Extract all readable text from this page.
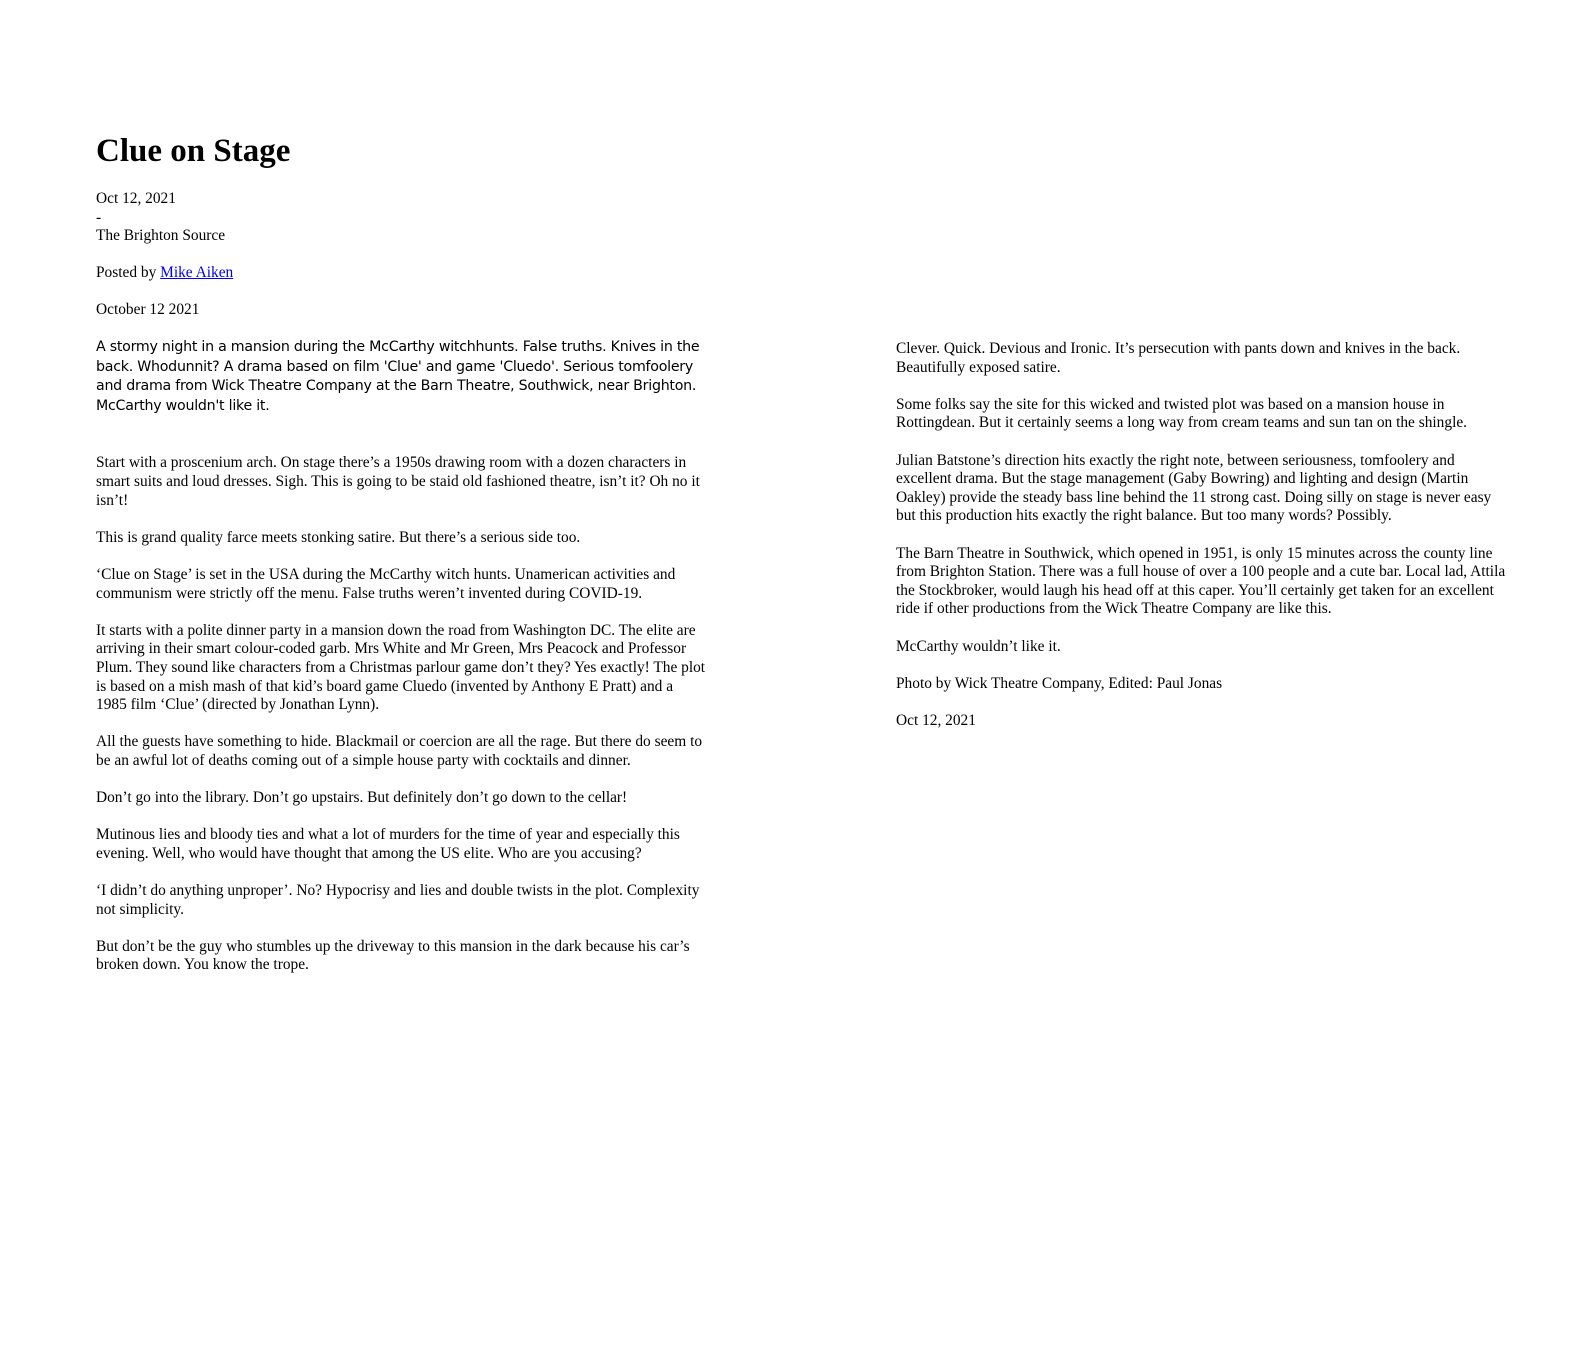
Clue on Stage
Oct 12, 2021
-
The Brighton Source

Posted by Mike Aiken

October 12 2021

A stormy night in a mansion during the McCarthy witchhunts. False truths. Knives in the back. Whodunnit? A drama based on film 'Clue' and game 'Cluedo'. Serious tomfoolery and drama from Wick Theatre Company at the Barn Theatre, Southwick, near Brighton. McCarthy wouldn't like it.

Start with a proscenium arch. On stage there’s a 1950s drawing room with a dozen characters in smart suits and loud dresses. Sigh. This is going to be staid old fashioned theatre, isn’t it? Oh no it isn’t!

This is grand quality farce meets stonking satire. But there’s a serious side too.

‘Clue on Stage’ is set in the USA during the McCarthy witch hunts. Unamerican activities and communism were strictly off the menu. False truths weren’t invented during COVID-19.

It starts with a polite dinner party in a mansion down the road from Washington DC. The elite are arriving in their smart colour-coded garb. Mrs White and Mr Green, Mrs Peacock and Professor Plum. They sound like characters from a Christmas parlour game don’t they? Yes exactly! The plot is based on a mish mash of that kid’s board game Cluedo (invented by Anthony E Pratt) and a 1985 film ‘Clue’ (directed by Jonathan Lynn).

All the guests have something to hide. Blackmail or coercion are all the rage. But there do seem to be an awful lot of deaths coming out of a simple house party with cocktails and dinner.

Don’t go into the library. Don’t go upstairs. But definitely don’t go down to the cellar!

Mutinous lies and bloody ties and what a lot of murders for the time of year and especially this evening. Well, who would have thought that among the US elite. Who are you accusing?

‘I didn’t do anything unproper’. No? Hypocrisy and lies and double twists in the plot. Complexity not simplicity.

But don’t be the guy who stumbles up the driveway to this mansion in the dark because his car’s broken down. You know the trope.

Clever. Quick. Devious and Ironic. It’s persecution with pants down and knives in the back. Beautifully exposed satire.

Some folks say the site for this wicked and twisted plot was based on a mansion house in Rottingdean. But it certainly seems a long way from cream teams and sun tan on the shingle.

Julian Batstone’s direction hits exactly the right note, between seriousness, tomfoolery and excellent drama. But the stage management (Gaby Bowring) and lighting and design (Martin Oakley) provide the steady bass line behind the 11 strong cast. Doing silly on stage is never easy but this production hits exactly the right balance. But too many words? Possibly.

The Barn Theatre in Southwick, which opened in 1951, is only 15 minutes across the county line from Brighton Station. There was a full house of over a 100 people and a cute bar. Local lad, Attila the Stockbroker, would laugh his head off at this caper. You’ll certainly get taken for an excellent ride if other productions from the Wick Theatre Company are like this.

McCarthy wouldn’t like it.

Photo by Wick Theatre Company, Edited: Paul Jonas

Oct 12, 2021
